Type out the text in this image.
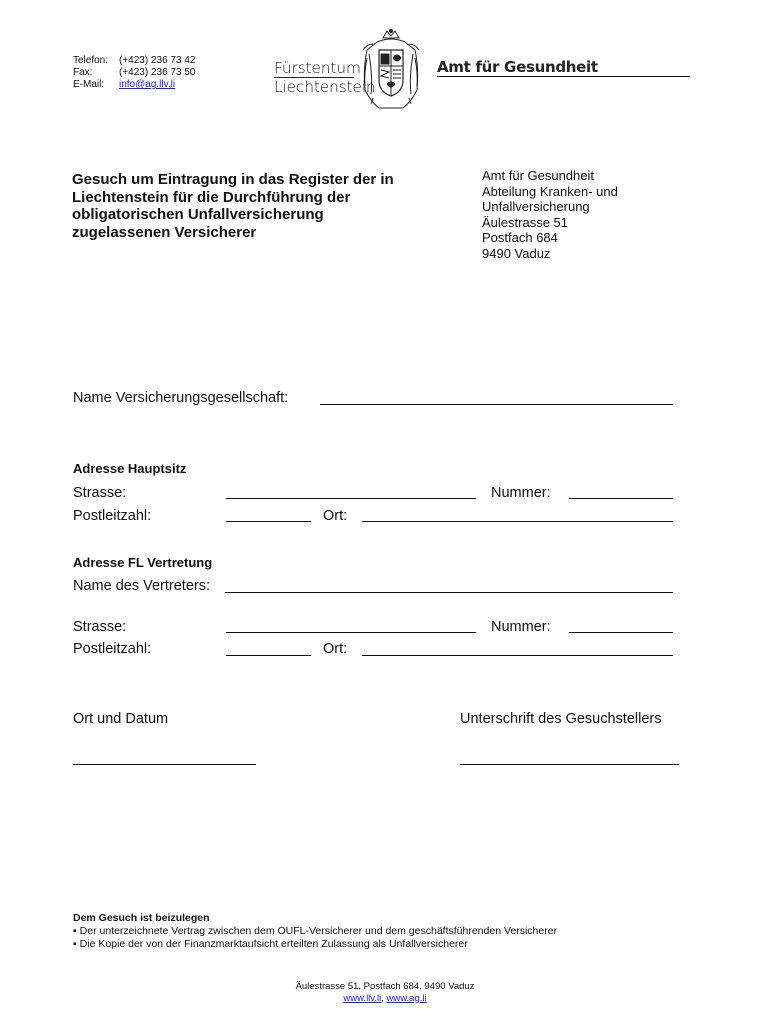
Telefon:	(+423) 236 73 42
Fax:	(+423) 236 73 50
E-Mail:	info@ag.llv.li
Fürstentum
Liechtenstein
Amt für Gesundheit
Gesuch um Eintragung in das Register der in
Liechtenstein für die Durchführung der
obligatorischen Unfallversicherung
zugelassenen Versicherer
Amt für Gesundheit
Abteilung Kranken- und
Unfallversicherung
Äulestrasse 51
Postfach 684
9490 Vaduz
Name Versicherungsgesellschaft:
Adresse Hauptsitz
Strasse:	Nummer:
Postleitzahl:	Ort:
Adresse FL Vertretung
Name des Vertreters:
Strasse:	Nummer:
Postleitzahl:	Ort:
Ort und Datum	Unterschrift des Gesuchstellers
Dem Gesuch ist beizulegen
▪ Der unterzeichnete Vertrag zwischen dem OUFL-Versicherer und dem geschäftsführenden Versicherer
▪ Die Kopie der von der Finanzmarktaufsicht erteilten Zulassung als Unfallversicherer
Äulestrasse 51, Postfach 684, 9490 Vaduz
www.llv.li, www.ag.li
